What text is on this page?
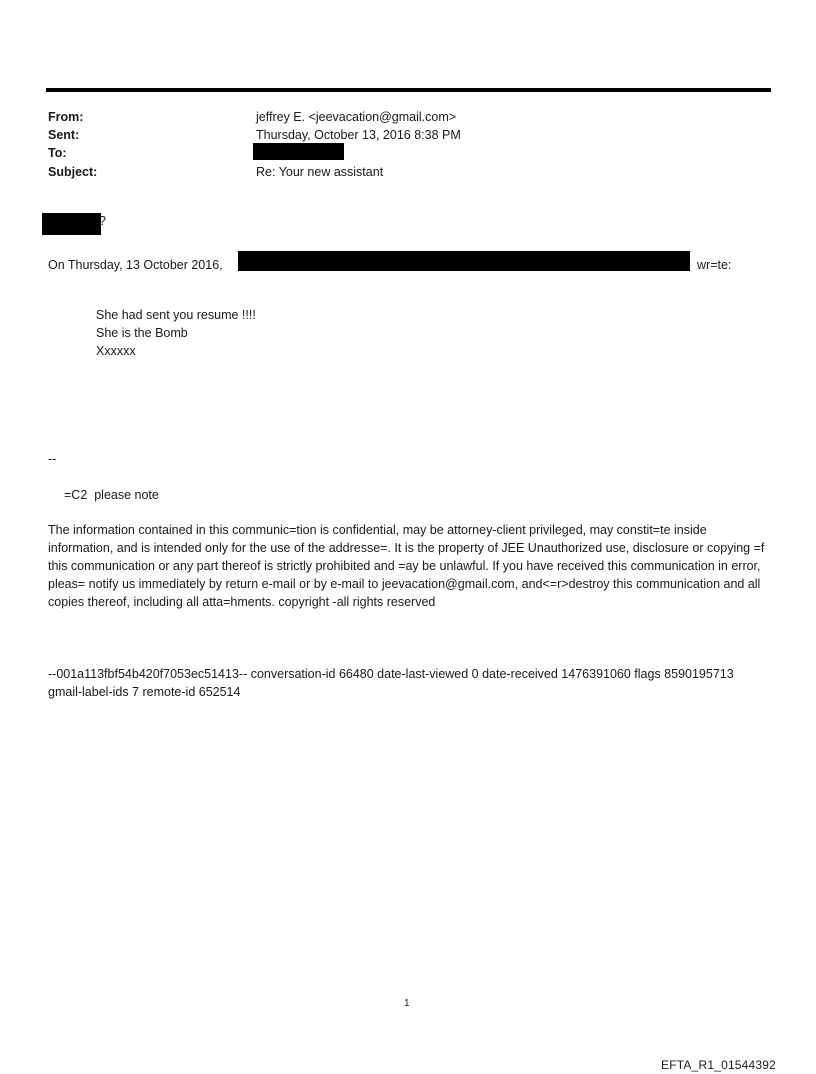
From:	jeffrey E. <jeevacation@gmail.com>
Sent:	Thursday, October 13, 2016 8:38 PM
To:
Subject:	Re: Your new assistant
?
On Thursday, 13 October 2016,	wr=te:
She had sent you resume !!!!
She is the Bomb
Xxxxxx
--
=C2  please note
The information contained in this communic=tion is confidential, may be attorney-client privileged, may constit=te inside information, and is intended only for the use of the addresse=. It is the property of JEE Unauthorized use, disclosure or copying =f this communication or any part thereof is strictly prohibited and =ay be unlawful. If you have received this communication in error, pleas= notify us immediately by return e-mail or by e-mail to jeevacation@gmail.com, and<=r>destroy this communication and all copies thereof, including all atta=hments. copyright -all rights reserved
--001a113fbf54b420f7053ec51413-- conversation-id 66480 date-last-viewed 0 date-received 1476391060 flags 8590195713 gmail-label-ids 7 remote-id 652514
1
EFTA_R1_01544392
